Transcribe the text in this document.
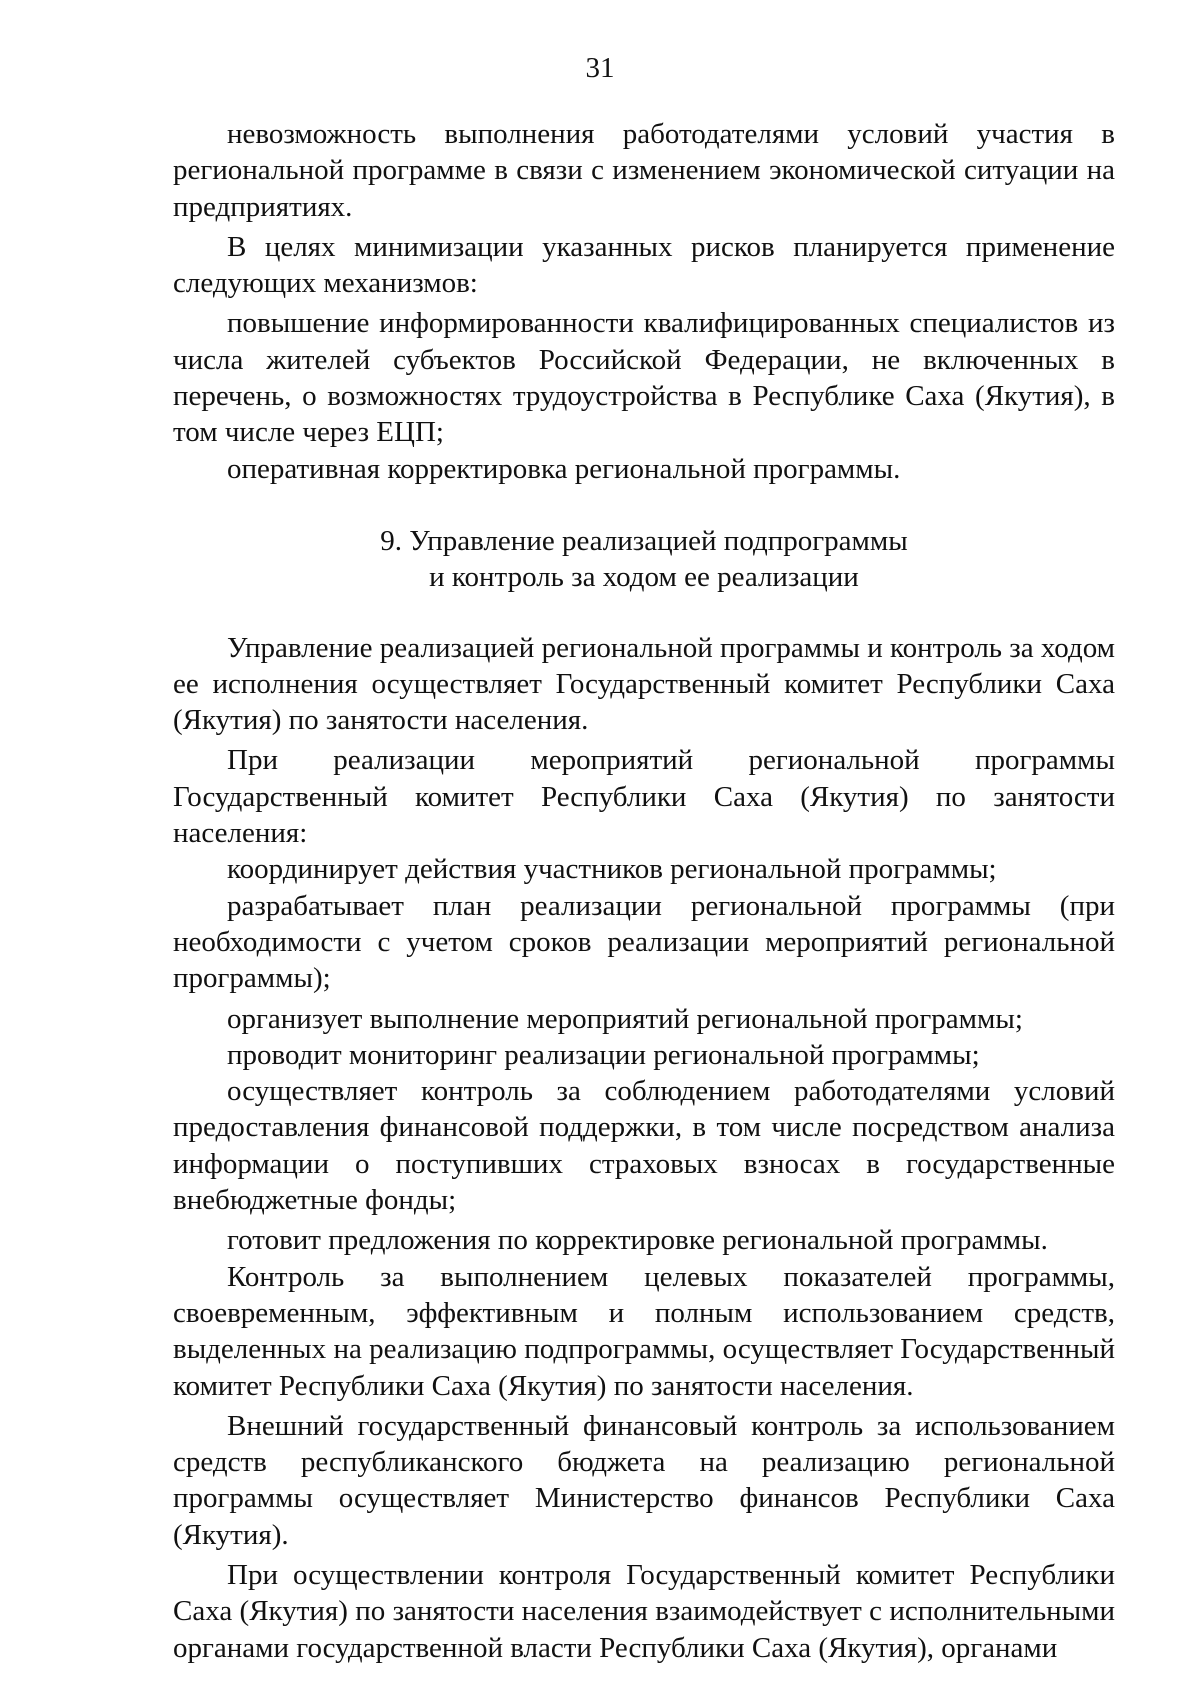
31

невозможность выполнения работодателями условий участия в региональной программе в связи с изменением экономической ситуации на предприятиях.

В целях минимизации указанных рисков планируется применение следующих механизмов:

повышение информированности квалифицированных специалистов из числа жителей субъектов Российской Федерации, не включенных в перечень, о возможностях трудоустройства в Республике Саха (Якутия), в том числе через ЕЦП;

оперативная корректировка региональной программы.

9. Управление реализацией подпрограммы
и контроль за ходом ее реализации

Управление реализацией региональной программы и контроль за ходом ее исполнения осуществляет Государственный комитет Республики Саха (Якутия) по занятости населения.

При реализации мероприятий региональной программы Государственный комитет Республики Саха (Якутия) по занятости населения:

координирует действия участников региональной программы;

разрабатывает план реализации региональной программы (при необходимости с учетом сроков реализации мероприятий региональной программы);

организует выполнение мероприятий региональной программы;

проводит мониторинг реализации региональной программы;

осуществляет контроль за соблюдением работодателями условий предоставления финансовой поддержки, в том числе посредством анализа информации о поступивших страховых взносах в государственные внебюджетные фонды;

готовит предложения по корректировке региональной программы.

Контроль за выполнением целевых показателей программы, своевременным, эффективным и полным использованием средств, выделенных на реализацию подпрограммы, осуществляет Государственный комитет Республики Саха (Якутия) по занятости населения.

Внешний государственный финансовый контроль за использованием средств республиканского бюджета на реализацию региональной программы осуществляет Министерство финансов Республики Саха (Якутия).

При осуществлении контроля Государственный комитет Республики Саха (Якутия) по занятости населения взаимодействует с исполнительными органами государственной власти Республики Саха (Якутия), органами
